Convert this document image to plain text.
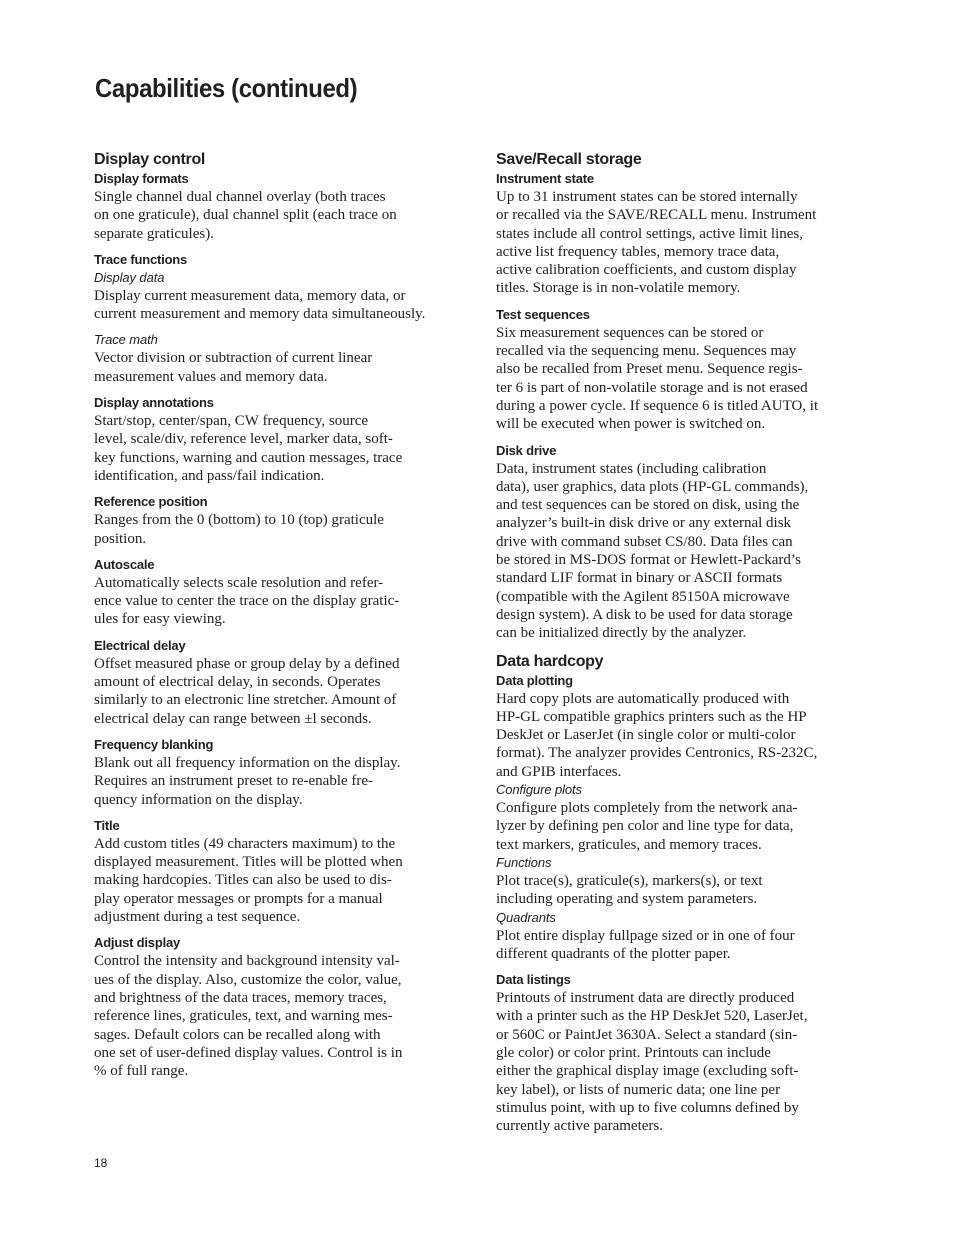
Capabilities (continued)
Display control
Display formats

Single channel dual channel overlay (both traces
on one graticule), dual channel split (each trace on
separate graticules).

Trace functions

Display data

Display current measurement data, memory data, or
current measurement and memory data simultaneously.

Trace math

Vector division or subtraction of current linear
measurement values and memory data.

Display annotations

Start/stop, center/span, CW frequency, source
level, scale/div, reference level, marker data, soft-
key functions, warning and caution messages, trace
identification, and pass/fail indication.

Reference position

Ranges from the 0 (bottom) to 10 (top) graticule
position.

Autoscale

Automatically selects scale resolution and refer-
ence value to center the trace on the display gratic-
ules for easy viewing.

Electrical delay

Offset measured phase or group delay by a defined
amount of electrical delay, in seconds. Operates
similarly to an electronic line stretcher. Amount of
electrical delay can range between ±l seconds.

Frequency blanking

Blank out all frequency information on the display.
Requires an instrument preset to re-enable fre-
quency information on the display.

Title

Add custom titles (49 characters maximum) to the
displayed measurement. Titles will be plotted when
making hardcopies. Titles can also be used to dis-
play operator messages or prompts for a manual
adjustment during a test sequence.

Adjust display

Control the intensity and background intensity val-
ues of the display. Also, customize the color, value,
and brightness of the data traces, memory traces,
reference lines, graticules, text, and warning mes-
sages. Default colors can be recalled along with
one set of user-defined display values. Control is in
% of full range.

Save/Recall storage
Instrument state

Up to 31 instrument states can be stored internally
or recalled via the SAVE/RECALL menu. Instrument
states include all control settings, active limit lines,
active list frequency tables, memory trace data,
active calibration coefficients, and custom display
titles. Storage is in non-volatile memory.

Test sequences

Six measurement sequences can be stored or
recalled via the sequencing menu. Sequences may
also be recalled from Preset menu. Sequence regis-
ter 6 is part of non-volatile storage and is not erased
during a power cycle. If sequence 6 is titled AUTO, it
will be executed when power is switched on.

Disk drive

Data, instrument states (including calibration
data), user graphics, data plots (HP-GL commands),
and test sequences can be stored on disk, using the
analyzer’s built-in disk drive or any external disk
drive with command subset CS/80. Data files can
be stored in MS-DOS format or Hewlett-Packard’s
standard LIF format in binary or ASCII formats
(compatible with the Agilent 85150A microwave
design system). A disk to be used for data storage
can be initialized directly by the analyzer.

Data hardcopy
Data plotting

Hard copy plots are automatically produced with
HP-GL compatible graphics printers such as the HP
DeskJet or LaserJet (in single color or multi-color
format). The analyzer provides Centronics, RS-232C,
and GPIB interfaces.

Configure plots

Configure plots completely from the network ana-
lyzer by defining pen color and line type for data,
text markers, graticules, and memory traces.

Functions

Plot trace(s), graticule(s), markers(s), or text
including operating and system parameters.

Quadrants

Plot entire display fullpage sized or in one of four
different quadrants of the plotter paper.

Data listings

Printouts of instrument data are directly produced
with a printer such as the HP DeskJet 520, LaserJet,
or 560C or PaintJet 3630A. Select a standard (sin-
gle color) or color print. Printouts can include
either the graphical display image (excluding soft-
key label), or lists of numeric data; one line per
stimulus point, with up to five columns defined by
currently active parameters.

18
